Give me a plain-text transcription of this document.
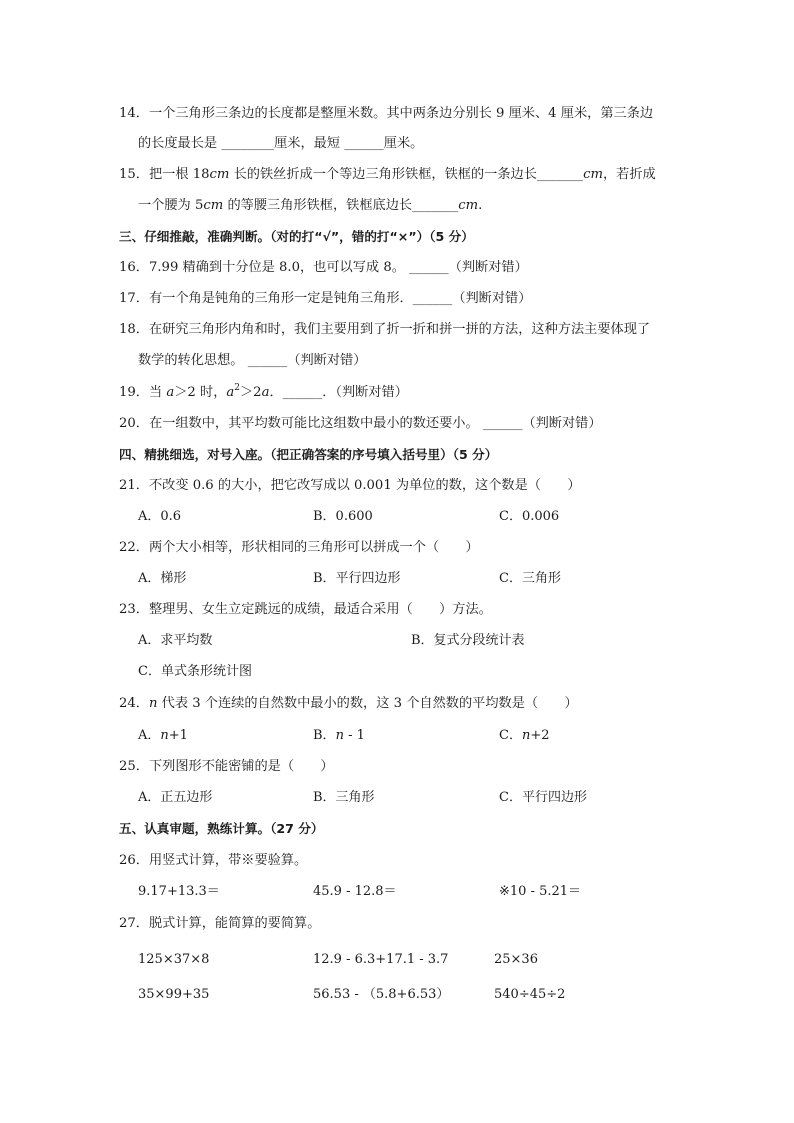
14．一个三角形三条边的长度都是整厘米数。其中两条边分别长 9 厘米、4 厘米，第三条边
的长度最长是 ________厘米，最短 ______厘米。
15．把一根 18cm 长的铁丝折成一个等边三角形铁框，铁框的一条边长_______cm，若折成
一个腰为 5cm 的等腰三角形铁框，铁框底边长_______cm.
三、仔细推敲，准确判断。（对的打“√”，错的打“×”）（5 分）
16．7.99 精确到十分位是 8.0，也可以写成 8。 ______（判断对错）
17．有一个角是钝角的三角形一定是钝角三角形．______（判断对错）
18．在研究三角形内角和时，我们主要用到了折一折和拼一拼的方法，这种方法主要体现了
数学的转化思想。 ______（判断对错）
19．当 a＞2 时，$a^2>2a$．______．（判断对错）
20．在一组数中，其平均数可能比这组数中最小的数还要小。 ______（判断对错）
四、精挑细选，对号入座。（把正确答案的序号填入括号里）（5 分）
21．不改变 0.6 的大小，把它改写成以 0.001 为单位的数，这个数是（　　）
A．0.6	B．0.600	C．0.006
22．两个大小相等，形状相同的三角形可以拼成一个（　　）
A．梯形	B．平行四边形	C．三角形
23．整理男、女生立定跳远的成绩，最适合采用（　　）方法。
A．求平均数	B．复式分段统计表
C．单式条形统计图
24．n 代表 3 个连续的自然数中最小的数，这 3 个自然数的平均数是（　　）
A．n+1	B．n - 1	C．n+2
25．下列图形不能密铺的是（　　）
A．正五边形	B．三角形	C．平行四边形
五、认真审题，熟练计算。（27 分）
26．用竖式计算，带※要验算。
9.17+13.3＝	45.9 - 12.8＝	※10 - 5.21＝
27．脱式计算，能简算的要简算。
125×37×8	12.9 - 6.3+17.1 - 3.7	25×36
35×99+35	56.53 - （5.8+6.53）	540÷45÷2
